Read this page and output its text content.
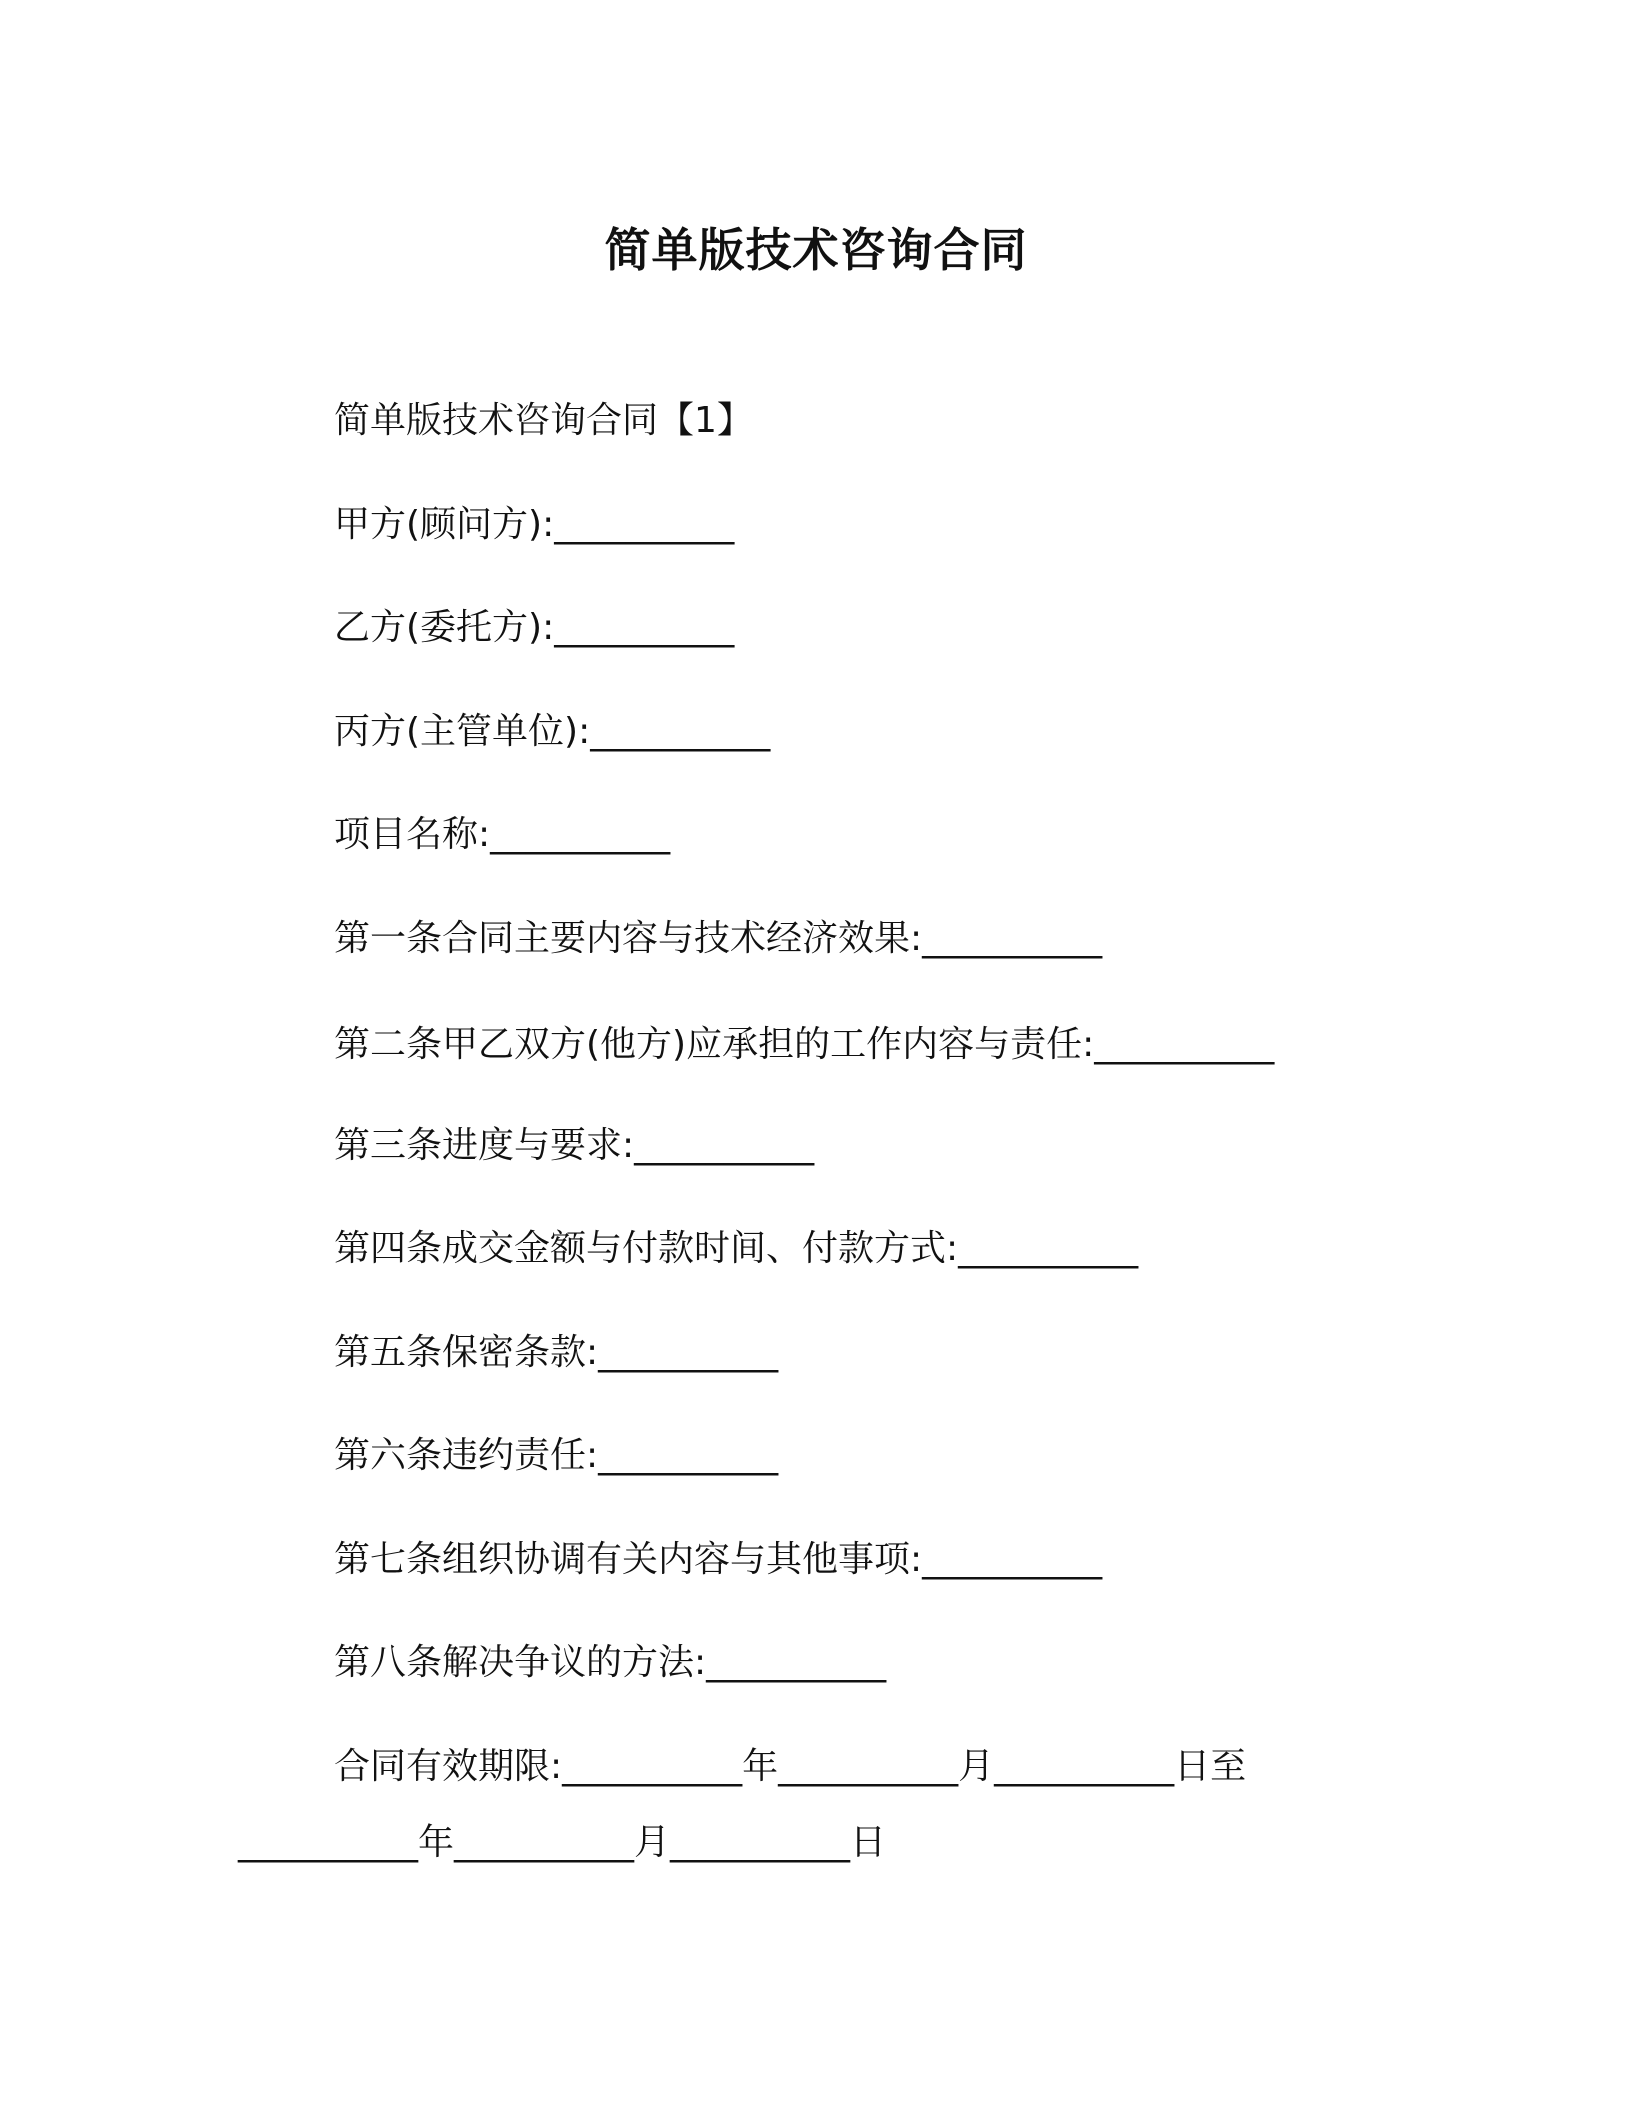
简单版技术咨询合同

简单版技术咨询合同【1】

甲方(顾问方):__________

乙方(委托方):__________

丙方(主管单位):__________

项目名称:__________

第一条合同主要内容与技术经济效果:__________

第二条甲乙双方(他方)应承担的工作内容与责任:__________

第三条进度与要求:__________

第四条成交金额与付款时间、付款方式:__________

第五条保密条款:__________

第六条违约责任:__________

第七条组织协调有关内容与其他事项:__________

第八条解决争议的方法:__________

合同有效期限:__________年__________月__________日至

__________年__________月__________日
